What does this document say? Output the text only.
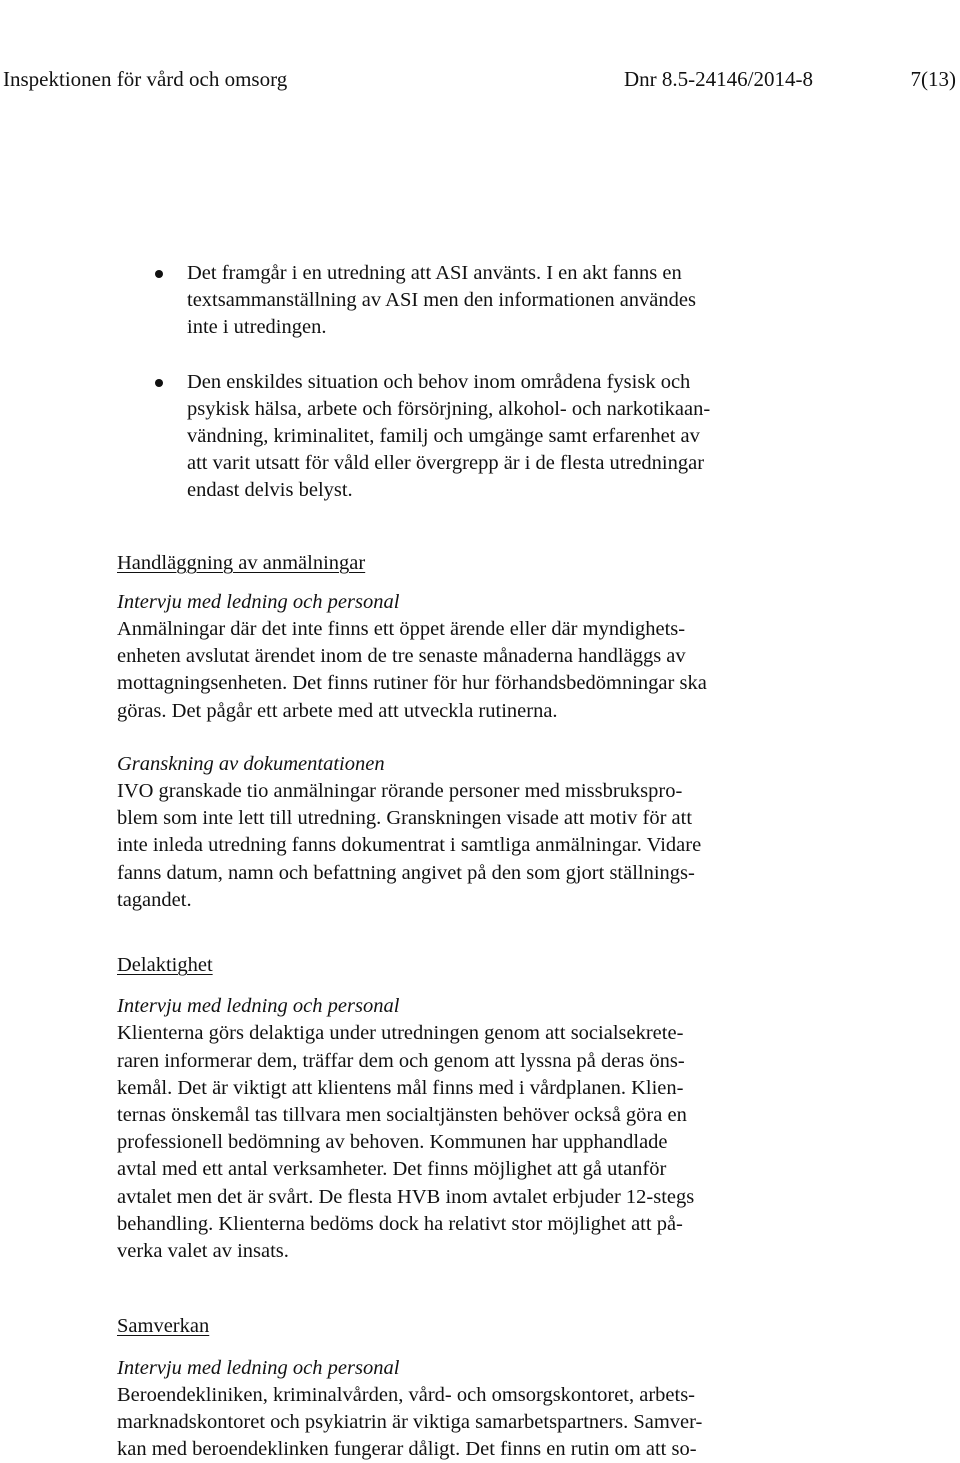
Inspektionen för vård och omsorg	Dnr 8.5-24146/2014-8	7(13)
Det framgår i en utredning att ASI använts. I en akt fanns en
textsammanställning av ASI men den informationen användes
inte i utredingen.
Den enskildes situation och behov inom områdena fysisk och
psykisk hälsa, arbete och försörjning, alkohol- och narkotikaan-
vändning, kriminalitet, familj och umgänge samt erfarenhet av
att varit utsatt för våld eller övergrepp är i de flesta utredningar
endast delvis belyst.
Handläggning av anmälningar
Intervju med ledning och personal
Anmälningar där det inte finns ett öppet ärende eller där myndighets-
enheten avslutat ärendet inom de tre senaste månaderna handläggs av
mottagningsenheten. Det finns rutiner för hur förhandsbedömningar ska
göras. Det pågår ett arbete med att utveckla rutinerna.
Granskning av dokumentationen
IVO granskade tio anmälningar rörande personer med missbrukspro-
blem som inte lett till utredning. Granskningen visade att motiv för att
inte inleda utredning fanns dokumentrat i samtliga anmälningar. Vidare
fanns datum, namn och befattning angivet på den som gjort ställnings-
tagandet.
Delaktighet
Intervju med ledning och personal
Klienterna görs delaktiga under utredningen genom att socialsekrete-
raren informerar dem, träffar dem och genom att lyssna på deras öns-
kemål. Det är viktigt att klientens mål finns med i vårdplanen. Klien-
ternas önskemål tas tillvara men socialtjänsten behöver också göra en
professionell bedömning av behoven. Kommunen har upphandlade
avtal med ett antal verksamheter. Det finns möjlighet att gå utanför
avtalet men det är svårt. De flesta HVB inom avtalet erbjuder 12-stegs
behandling. Klienterna bedöms dock ha relativt stor möjlighet att på-
verka valet av insats.
Samverkan
Intervju med ledning och personal
Beroendekliniken, kriminalvården, vård- och omsorgskontoret, arbets-
marknadskontoret och psykiatrin är viktiga samarbetspartners. Samver-
kan med beroendeklinken fungerar dåligt. Det finns en rutin om att so-
